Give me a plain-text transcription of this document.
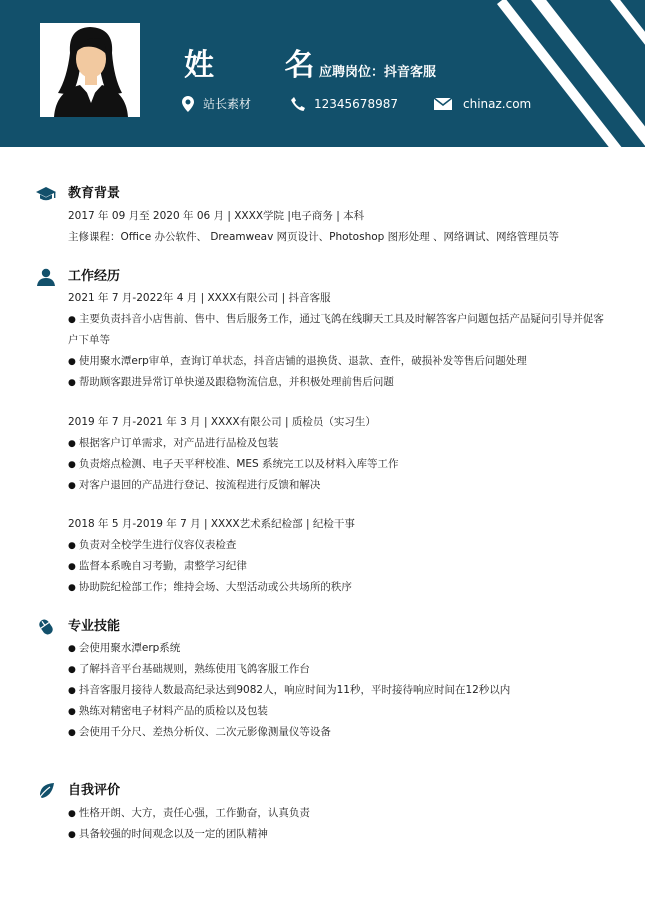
姓 名
应聘岗位：抖音客服
站长素材	12345678987	chinaz.com
教育背景
2017 年 09 月至 2020 年 06 月 | XXXX学院 |电子商务 | 本科
主修课程：Office 办公软件、 Dreamweav 网页设计、Photoshop 图形处理 、网络调试、网络管理员等
工作经历
2021 年 7 月-2022年 4 月 | XXXX有限公司 | 抖音客服
● 主要负责抖音小店售前、售中、售后服务工作，通过飞鸽在线聊天工具及时解答客户问题包括产品疑问引导并促客户下单等
● 使用聚水潭erp审单，查询订单状态，抖音店铺的退换货、退款、查件，破损补发等售后问题处理
● 帮助顾客跟进异常订单快递及跟稳物流信息，并积极处理前售后问题
2019 年 7 月-2021 年 3 月 | XXXX有限公司 | 质检员（实习生）
● 根据客户订单需求，对产品进行品检及包装
● 负责熔点检测、电子天平秤校准、MES 系统完工以及材料入库等工作
● 对客户退回的产品进行登记、按流程进行反馈和解决
2018 年 5 月-2019 年 7 月 | XXXX艺术系纪检部 | 纪检干事
● 负责对全校学生进行仪容仪表检查
● 监督本系晚自习考勤，肃整学习纪律
● 协助院纪检部工作；维持会场、大型活动或公共场所的秩序
专业技能
● 会使用聚水潭erp系统
● 了解抖音平台基础规则，熟练使用飞鸽客服工作台
● 抖音客服月接待人数最高纪录达到9082人，响应时间为11秒，平时接待响应时间在12秒以内
● 熟练对精密电子材料产品的质检以及包装
● 会使用千分尺、差热分析仪、二次元影像测量仪等设备
自我评价
● 性格开朗、大方，责任心强，工作勤奋，认真负责
● 具备较强的时间观念以及一定的团队精神
